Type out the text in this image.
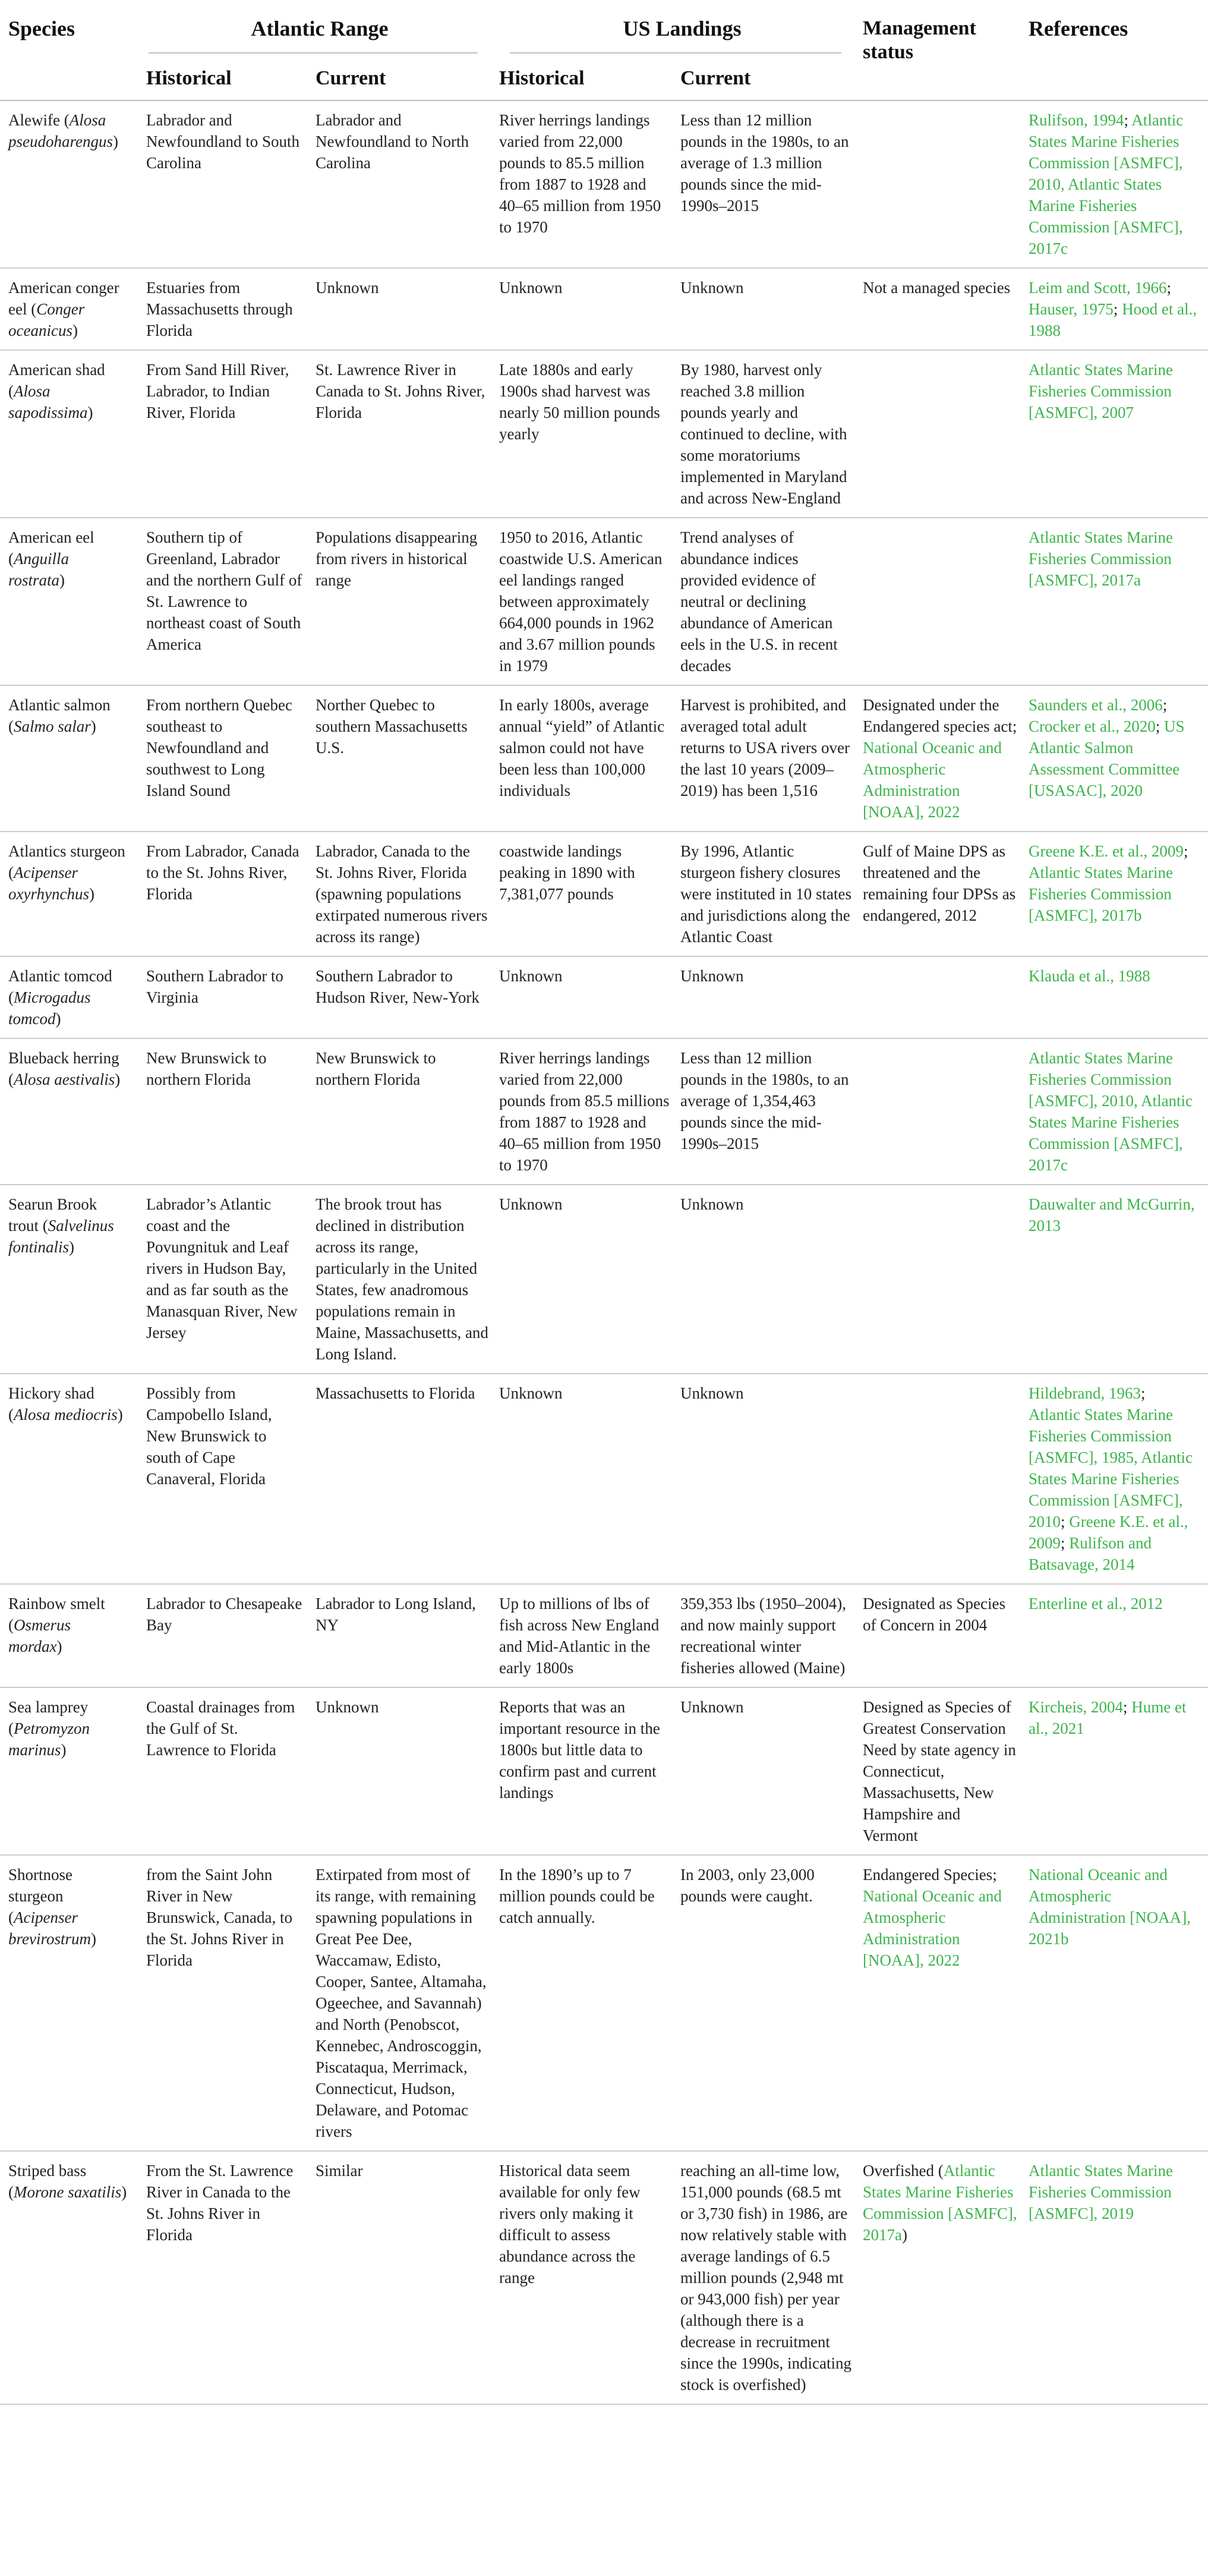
Species	Atlantic Range		US Landings		Management status	References
	Historical	Current	Historical	Current		

Alewife (Alosa pseudoharengus)	Labrador and Newfoundland to South Carolina	Labrador and Newfoundland to North Carolina	River herrings landings varied from 22,000 pounds to 85.5 million from 1887 to 1928 and 40–65 million from 1950 to 1970	Less than 12 million pounds in the 1980s, to an average of 1.3 million pounds since the mid-1990s–2015		Rulifson, 1994; Atlantic States Marine Fisheries Commission [ASMFC], 2010, Atlantic States Marine Fisheries Commission [ASMFC], 2017c
American conger eel (Conger oceanicus)	Estuaries from Massachusetts through Florida	Unknown	Unknown	Unknown	Not a managed species	Leim and Scott, 1966; Hauser, 1975; Hood et al., 1988
American shad (Alosa sapodissima)	From Sand Hill River, Labrador, to Indian River, Florida	St. Lawrence River in Canada to St. Johns River, Florida	Late 1880s and early 1900s shad harvest was nearly 50 million pounds yearly	By 1980, harvest only reached 3.8 million pounds yearly and continued to decline, with some moratoriums implemented in Maryland and across New-England		Atlantic States Marine Fisheries Commission [ASMFC], 2007
American eel (Anguilla rostrata)	Southern tip of Greenland, Labrador and the northern Gulf of St. Lawrence to northeast coast of South America	Populations disappearing from rivers in historical range	1950 to 2016, Atlantic coastwide U.S. American eel landings ranged between approximately 664,000 pounds in 1962 and 3.67 million pounds in 1979	Trend analyses of abundance indices provided evidence of neutral or declining abundance of American eels in the U.S. in recent decades		Atlantic States Marine Fisheries Commission [ASMFC], 2017a
Atlantic salmon (Salmo salar)	From northern Quebec southeast to Newfoundland and southwest to Long Island Sound	Norther Quebec to southern Massachusetts U.S.	In early 1800s, average annual “yield” of Atlantic salmon could not have been less than 100,000 individuals	Harvest is prohibited, and averaged total adult returns to USA rivers over the last 10 years (2009–2019) has been 1,516	Designated under the Endangered species act; National Oceanic and Atmospheric Administration [NOAA], 2022	Saunders et al., 2006; Crocker et al., 2020; US Atlantic Salmon Assessment Committee [USASAC], 2020
Atlantics sturgeon (Acipenser oxyrhynchus)	From Labrador, Canada to the St. Johns River, Florida	Labrador, Canada to the St. Johns River, Florida (spawning populations extirpated numerous rivers across its range)	coastwide landings peaking in 1890 with 7,381,077 pounds	By 1996, Atlantic sturgeon fishery closures were instituted in 10 states and jurisdictions along the Atlantic Coast	Gulf of Maine DPS as threatened and the remaining four DPSs as endangered, 2012	Greene K.E. et al., 2009; Atlantic States Marine Fisheries Commission [ASMFC], 2017b
Atlantic tomcod (Microgadus tomcod)	Southern Labrador to Virginia	Southern Labrador to Hudson River, New-York	Unknown	Unknown		Klauda et al., 1988
Blueback herring (Alosa aestivalis)	New Brunswick to northern Florida	New Brunswick to northern Florida	River herrings landings varied from 22,000 pounds from 85.5 millions from 1887 to 1928 and 40–65 million from 1950 to 1970	Less than 12 million pounds in the 1980s, to an average of 1,354,463 pounds since the mid-1990s–2015		Atlantic States Marine Fisheries Commission [ASMFC], 2010, Atlantic States Marine Fisheries Commission [ASMFC], 2017c
Searun Brook trout (Salvelinus fontinalis)	Labrador’s Atlantic coast and the Povungnituk and Leaf rivers in Hudson Bay, and as far south as the Manasquan River, New Jersey	The brook trout has declined in distribution across its range, particularly in the United States, few anadromous populations remain in Maine, Massachusetts, and Long Island.	Unknown	Unknown		Dauwalter and McGurrin, 2013
Hickory shad (Alosa mediocris)	Possibly from Campobello Island, New Brunswick to south of Cape Canaveral, Florida	Massachusetts to Florida	Unknown	Unknown		Hildebrand, 1963; Atlantic States Marine Fisheries Commission [ASMFC], 1985, Atlantic States Marine Fisheries Commission [ASMFC], 2010; Greene K.E. et al., 2009; Rulifson and Batsavage, 2014
Rainbow smelt (Osmerus mordax)	Labrador to Chesapeake Bay	Labrador to Long Island, NY	Up to millions of lbs of fish across New England and Mid-Atlantic in the early 1800s	359,353 lbs (1950–2004), and now mainly support recreational winter fisheries allowed (Maine)	Designated as Species of Concern in 2004	Enterline et al., 2012
Sea lamprey (Petromyzon marinus)	Coastal drainages from the Gulf of St. Lawrence to Florida	Unknown	Reports that was an important resource in the 1800s but little data to confirm past and current landings	Unknown	Designed as Species of Greatest Conservation Need by state agency in Connecticut, Massachusetts, New Hampshire and Vermont	Kircheis, 2004; Hume et al., 2021
Shortnose sturgeon (Acipenser brevirostrum)	from the Saint John River in New Brunswick, Canada, to the St. Johns River in Florida	Extirpated from most of its range, with remaining spawning populations in Great Pee Dee, Waccamaw, Edisto, Cooper, Santee, Altamaha, Ogeechee, and Savannah) and North (Penobscot, Kennebec, Androscoggin, Piscataqua, Merrimack, Connecticut, Hudson, Delaware, and Potomac rivers	In the 1890’s up to 7 million pounds could be catch annually.	In 2003, only 23,000 pounds were caught.	Endangered Species; National Oceanic and Atmospheric Administration [NOAA], 2022	National Oceanic and Atmospheric Administration [NOAA], 2021b
Striped bass (Morone saxatilis)	From the St. Lawrence River in Canada to the St. Johns River in Florida	Similar	Historical data seem available for only few rivers only making it difficult to assess abundance across the range	reaching an all-time low, 151,000 pounds (68.5 mt or 3,730 fish) in 1986, are now relatively stable with average landings of 6.5 million pounds (2,948 mt or 943,000 fish) per year (although there is a decrease in recruitment since the 1990s, indicating stock is overfished)	Overfished (Atlantic States Marine Fisheries Commission [ASMFC], 2017a)	Atlantic States Marine Fisheries Commission [ASMFC], 2019
